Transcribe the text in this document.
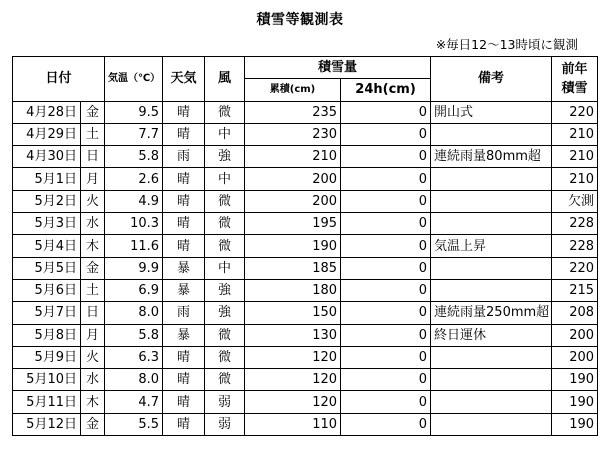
積雪等観測表
※毎日12～13時頃に観測
日付		気温（℃）	天気	風	積雪量		備考	前年
積雪
					累積(cm)	24h(cm)		
4月28日	金	9.5	晴	微	235	0	開山式	220
4月29日	土	7.7	晴	中	230	0		210
4月30日	日	5.8	雨	強	210	0	連続雨量80mm超	210
5月1日	月	2.6	晴	中	200	0		210
5月2日	火	4.9	晴	微	200	0		欠測
5月3日	水	10.3	晴	微	195	0		228
5月4日	木	11.6	晴	微	190	0	気温上昇	228
5月5日	金	9.9	暴	中	185	0		220
5月6日	土	6.9	暴	強	180	0		215
5月7日	日	8.0	雨	強	150	0	連続雨量250mm超	208
5月8日	月	5.8	暴	微	130	0	終日運休	200
5月9日	火	6.3	晴	微	120	0		200
5月10日	水	8.0	晴	微	120	0		190
5月11日	木	4.7	晴	弱	120	0		190
5月12日	金	5.5	晴	弱	110	0		190
